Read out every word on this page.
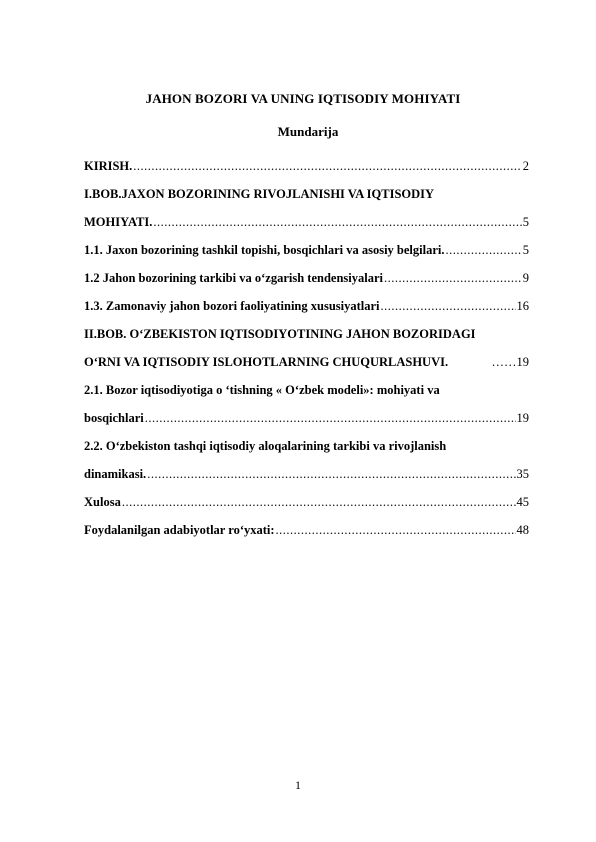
JAHON BOZORI VA UNING IQTISODIY MOHIYATI
Mundarija
KIRISH. .....	2
I.BOB.JAXON BOZORINING RIVOJLANISHI VA IQTISODIY
MOHIYATI. .....	5
1.1. Jaxon bozorining tashkil topishi, bosqichlari va asosiy belgilari. .....	5
1.2 Jahon bozorining tarkibi va o‘zgarish tendensiyalari .....	9
1.3. Zamonaviy jahon bozori faoliyatining xususiyatlari .....	16
II.BOB. O‘ZBEKISTON IQTISODIYOTINING JAHON BOZORIDAGI
O‘RNI VA IQTISODIY ISLOHOTLARNING CHUQURLASHUVI.	……19
2.1. Bozor iqtisodiyotiga o ‘tishning « O‘zbek modeli»: mohiyati va
bosqichlari .....	19
2.2. O‘zbekiston tashqi iqtisodiy aloqalarining tarkibi va rivojlanish
dinamikasi. .....	35
Xulosa .....	45
Foydalanilgan adabiyotlar ro‘yxati: .....	48
1
